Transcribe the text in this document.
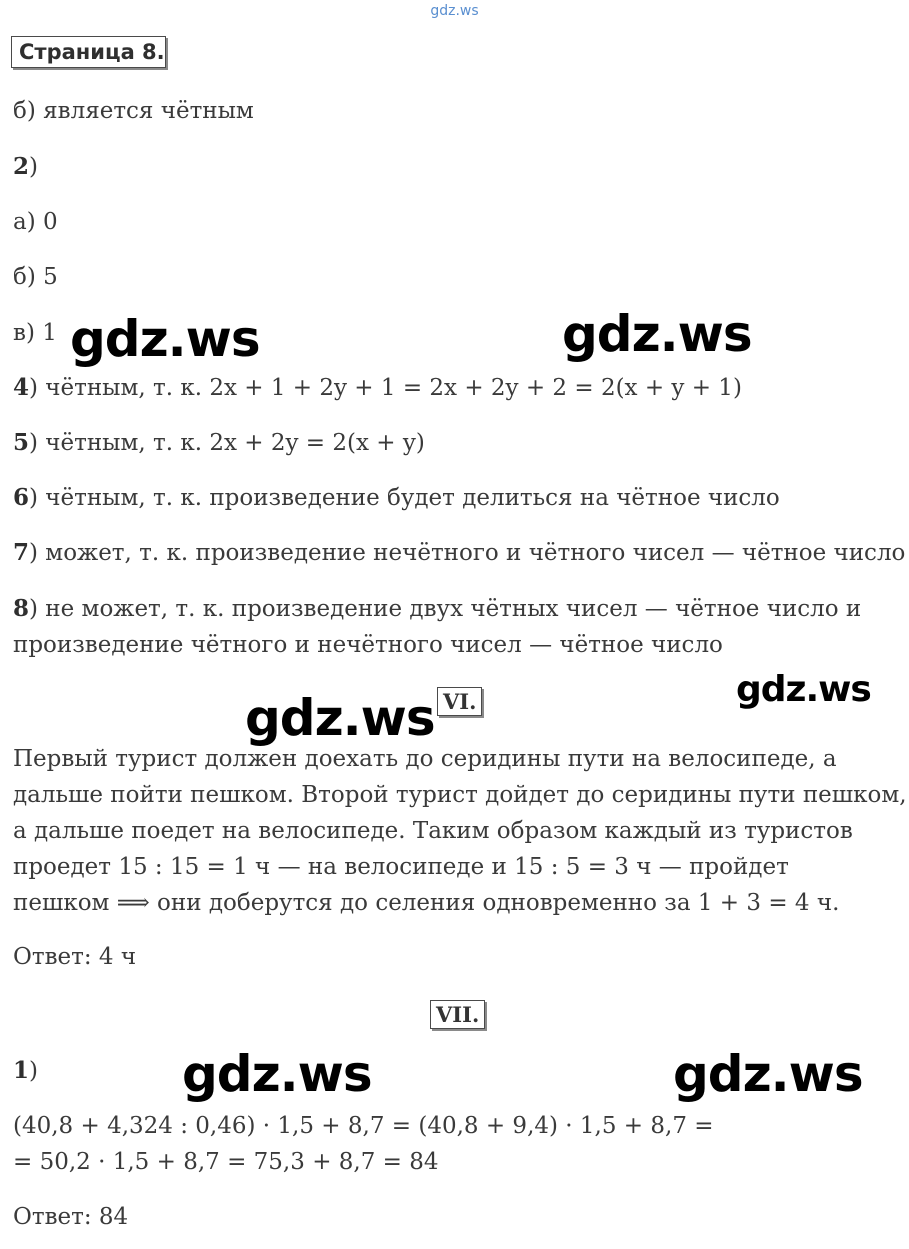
gdz.ws
Страница 8.
б) является чётным
2)
а) 0
б) 5
в) 1
4) чётным, т. к. 2x + 1 + 2y + 1 = 2x + 2y + 2 = 2(x + y + 1)
5) чётным, т. к. 2x + 2y = 2(x + y)
6) чётным, т. к. произведение будет делиться на чётное число
7) может, т. к. произведение нечётного и чётного чисел — чётное число
8) не может, т. к. произведение двух чётных чисел — чётное число и
произведение чётного и нечётного чисел — чётное число
VI.
Первый турист должен доехать до серидины пути на велосипеде, а
дальше пойти пешком. Второй турист дойдет до серидины пути пешком,
а дальше поедет на велосипеде. Таким образом каждый из туристов
проедет 15 : 15 = 1 ч — на велосипеде и 15 : 5 = 3 ч — пройдет
пешком ⟹ они доберутся до селения одновременно за 1 + 3 = 4 ч.
Ответ: 4 ч
VII.
1)
(40,8 + 4,324 : 0,46) · 1,5 + 8,7 = (40,8 + 9,4) · 1,5 + 8,7 =
= 50,2 · 1,5 + 8,7 = 75,3 + 8,7 = 84
Ответ: 84
gdz.ws	gdz.ws
gdz.ws
gdz.ws
gdz.ws	gdz.ws
